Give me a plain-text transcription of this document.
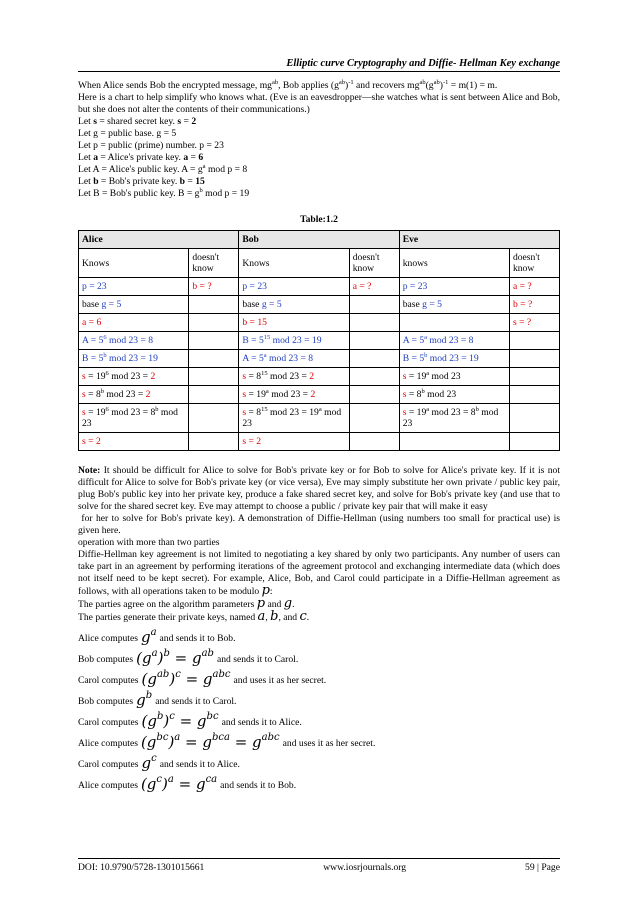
Elliptic curve Cryptography and Diffie- Hellman Key exchange

When Alice sends Bob the encrypted message, $mg^{ab}$, Bob applies $(g^{ab})^{-1}$ and recovers $mg^{ab}(g^{ab})^{-1} = m(1) = m$.

Here is a chart to help simplify who knows what. (Eve is an eavesdropper—she watches what is sent between Alice and Bob, but she does not alter the contents of their communications.)

Let s = shared secret key. s = 2

Let g = public base. g = 5

Let p = public (prime) number. p = 23

Let a = Alice's private key. a = 6

Let A = Alice's public key. $A = g^a$ mod p = 8

Let b = Bob's private key. b = 15

Let B = Bob's public key. $B = g^b$ mod p = 19

Table:1.2
Alice		Bob		Eve	
Knows	doesn't know	Knows	doesn't know	knows	doesn't know
p = 23	b = ?	p = 23	a = ?	p = 23	a = ?
base g = 5		base g = 5		base g = 5	b = ?
a = 6		b = 15			s = ?
$A = 5^6$ mod 23 = 8		$B = 5^{15}$ mod 23 = 19		$A = 5^a$ mod 23 = 8	
$B = 5^b$ mod 23 = 19		$A = 5^a$ mod 23 = 8		$B = 5^b$ mod 23 = 19	
$s = 19^6$ mod 23 = 2		$s = 8^{15}$ mod 23 = 2		$s = 19^a$ mod 23	
$s = 8^b$ mod 23 = 2		$s = 19^a$ mod 23 = 2		$s = 8^b$ mod 23	
$s = 19^6$ mod $23 = 8^b$ mod 23		$s = 8^{15}$ mod $23 = 19^a$ mod 23		$s = 19^a$ mod $23 = 8^b$ mod 23	
s = 2		s = 2			

Note: It should be difficult for Alice to solve for Bob's private key or for Bob to solve for Alice's private key. If it is not difficult for Alice to solve for Bob's private key (or vice versa), Eve may simply substitute her own private / public key pair, plug Bob's public key into her private key, produce a fake shared secret key, and solve for Bob's private key (and use that to solve for the shared secret key. Eve may attempt to choose a public / private key pair that will make it easy

for her to solve for Bob's private key). A demonstration of Diffie-Hellman (using numbers too small for practical use) is given here.

operation with more than two parties

Diffie-Hellman key agreement is not limited to negotiating a key shared by only two participants. Any number of users can take part in an agreement by performing iterations of the agreement protocol and exchanging intermediate data (which does not itself need to be kept secret). For example, Alice, Bob, and Carol could participate in a Diffie-Hellman agreement as follows, with all operations taken to be modulo p:

The parties agree on the algorithm parameters p and g.

The parties generate their private keys, named a, b, and c.

Alice computes $g^a$
and sends it to Bob.
Bob computes $(g^a)^b = g^{ab}$
and sends it to Carol.
Carol computes $(g^{ab})^c = g^{abc}$
and uses it as her secret.
Bob computes $g^b$
and sends it to Carol.
Carol computes $(g^b)^c = g^{bc}$
and sends it to Alice.
Alice computes $(g^{bc})^a = g^{bca} = g^{abc}$
and uses it as her secret.
Carol computes $g^c$
and sends it to Alice.
Alice computes $(g^c)^a = g^{ca}$
and sends it to Bob.
DOI: 10.9790/5728-1301015661	www.iosrjournals.org	59 | Page
